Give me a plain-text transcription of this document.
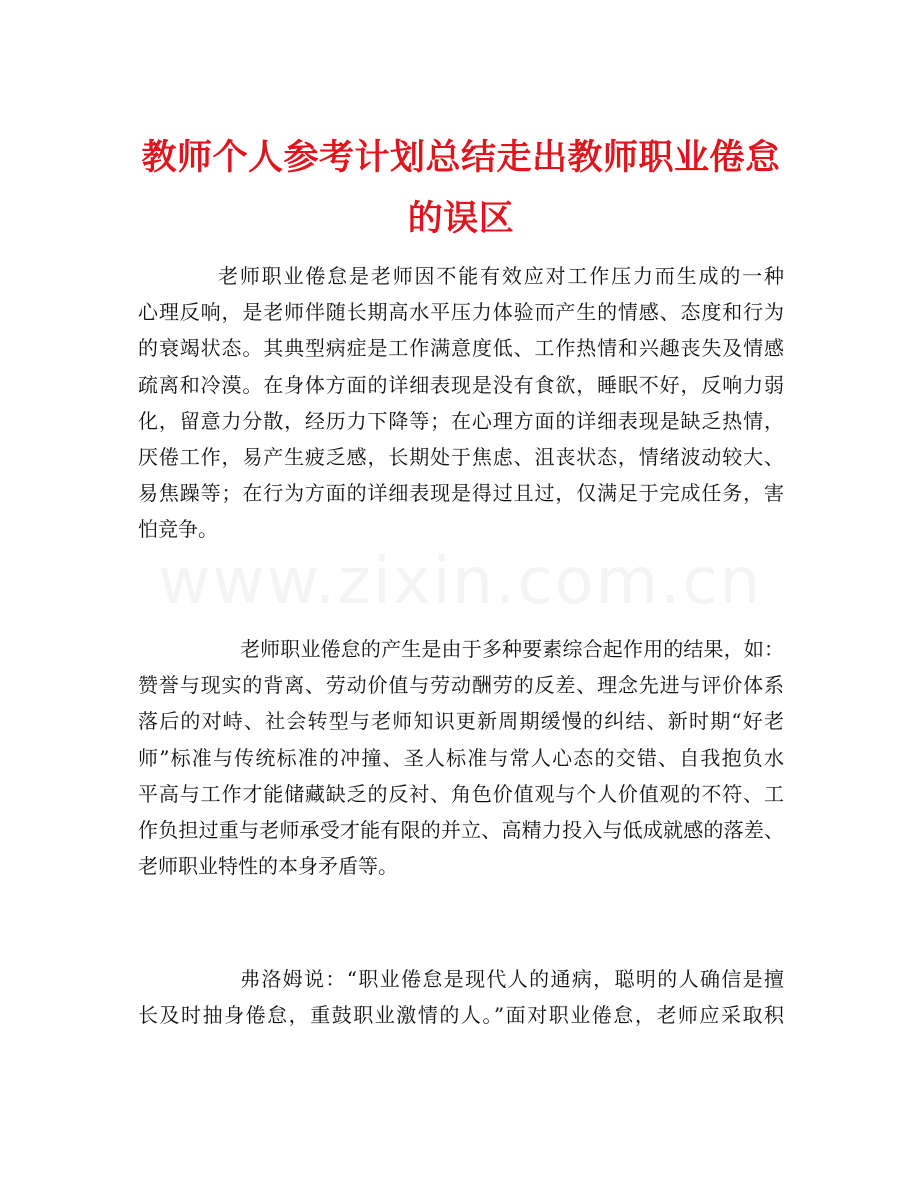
www.zixin.com.cn
教师个人参考计划总结走出教师职业倦怠
的误区

老师职业倦怠是老师因不能有效应对工作压力而生成的一种
心理反响，是老师伴随长期高水平压力体验而产生的情感、态度和行为
的衰竭状态。其典型病症是工作满意度低、工作热情和兴趣丧失及情感
疏离和冷漠。在身体方面的详细表现是没有食欲，睡眠不好，反响力弱
化，留意力分散，经历力下降等；在心理方面的详细表现是缺乏热情，
厌倦工作，易产生疲乏感，长期处于焦虑、沮丧状态，情绪波动较大、
易焦躁等；在行为方面的详细表现是得过且过，仅满足于完成任务，害
怕竞争。

老师职业倦怠的产生是由于多种要素综合起作用的结果，如：
赞誉与现实的背离、劳动价值与劳动酬劳的反差、理念先进与评价体系
落后的对峙、社会转型与老师知识更新周期缓慢的纠结、新时期“好老
师”标准与传统标准的冲撞、圣人标准与常人心态的交错、自我抱负水
平高与工作才能储藏缺乏的反衬、角色价值观与个人价值观的不符、工
作负担过重与老师承受才能有限的并立、高精力投入与低成就感的落差、
老师职业特性的本身矛盾等。

弗洛姆说：“职业倦怠是现代人的通病，聪明的人确信是擅
长及时抽身倦怠，重鼓职业激情的人。”面对职业倦怠，老师应采取积
